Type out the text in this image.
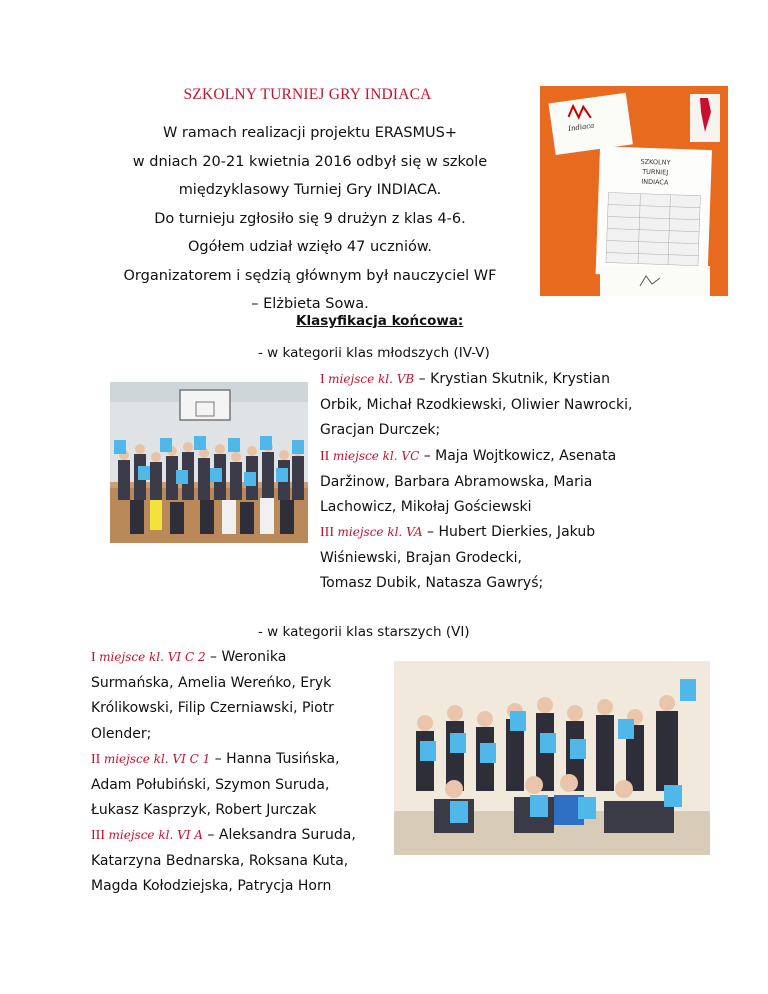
SZKOLNY TURNIEJ GRY INDIACA
W ramach realizacji projektu ERASMUS+
w dniach 20-21 kwietnia 2016 odbył się w szkole
międzyklasowy Turniej Gry INDIACA.
Do turnieju zgłosiło się 9 drużyn z klas 4-6.
Ogółem udział wzięło 47 uczniów.
Organizatorem i sędzią głównym był nauczyciel WF
– Elżbieta Sowa.
Indiaca
SZKOLNY
TURNIEJ
INDIACA
Klasyfikacja końcowa:
- w kategorii klas młodszych (IV-V)
I miejsce kl. VB – Krystian Skutnik, Krystian
Orbik, Michał Rzodkiewski, Oliwier Nawrocki,
Gracjan Durczek;
II miejsce kl. VC – Maja Wojtkowicz, Asenata
Daržinow, Barbara Abramowska, Maria
Lachowicz, Mikołaj Gościewski
III miejsce kl. VA – Hubert Dierkies, Jakub
Wiśniewski, Brajan Grodecki,
Tomasz Dubik, Natasza Gawryś;
- w kategorii klas starszych (VI)
I miejsce kl. VI C 2 – Weronika
Surmańska, Amelia Wereńko, Eryk
Królikowski, Filip Czerniawski, Piotr
Olender;
II miejsce kl. VI C 1 – Hanna Tusińska,
Adam Połubiński, Szymon Suruda,
Łukasz Kasprzyk, Robert Jurczak
III miejsce kl. VI A – Aleksandra Suruda,
Katarzyna Bednarska, Roksana Kuta,
Magda Kołodziejska, Patrycja Horn
